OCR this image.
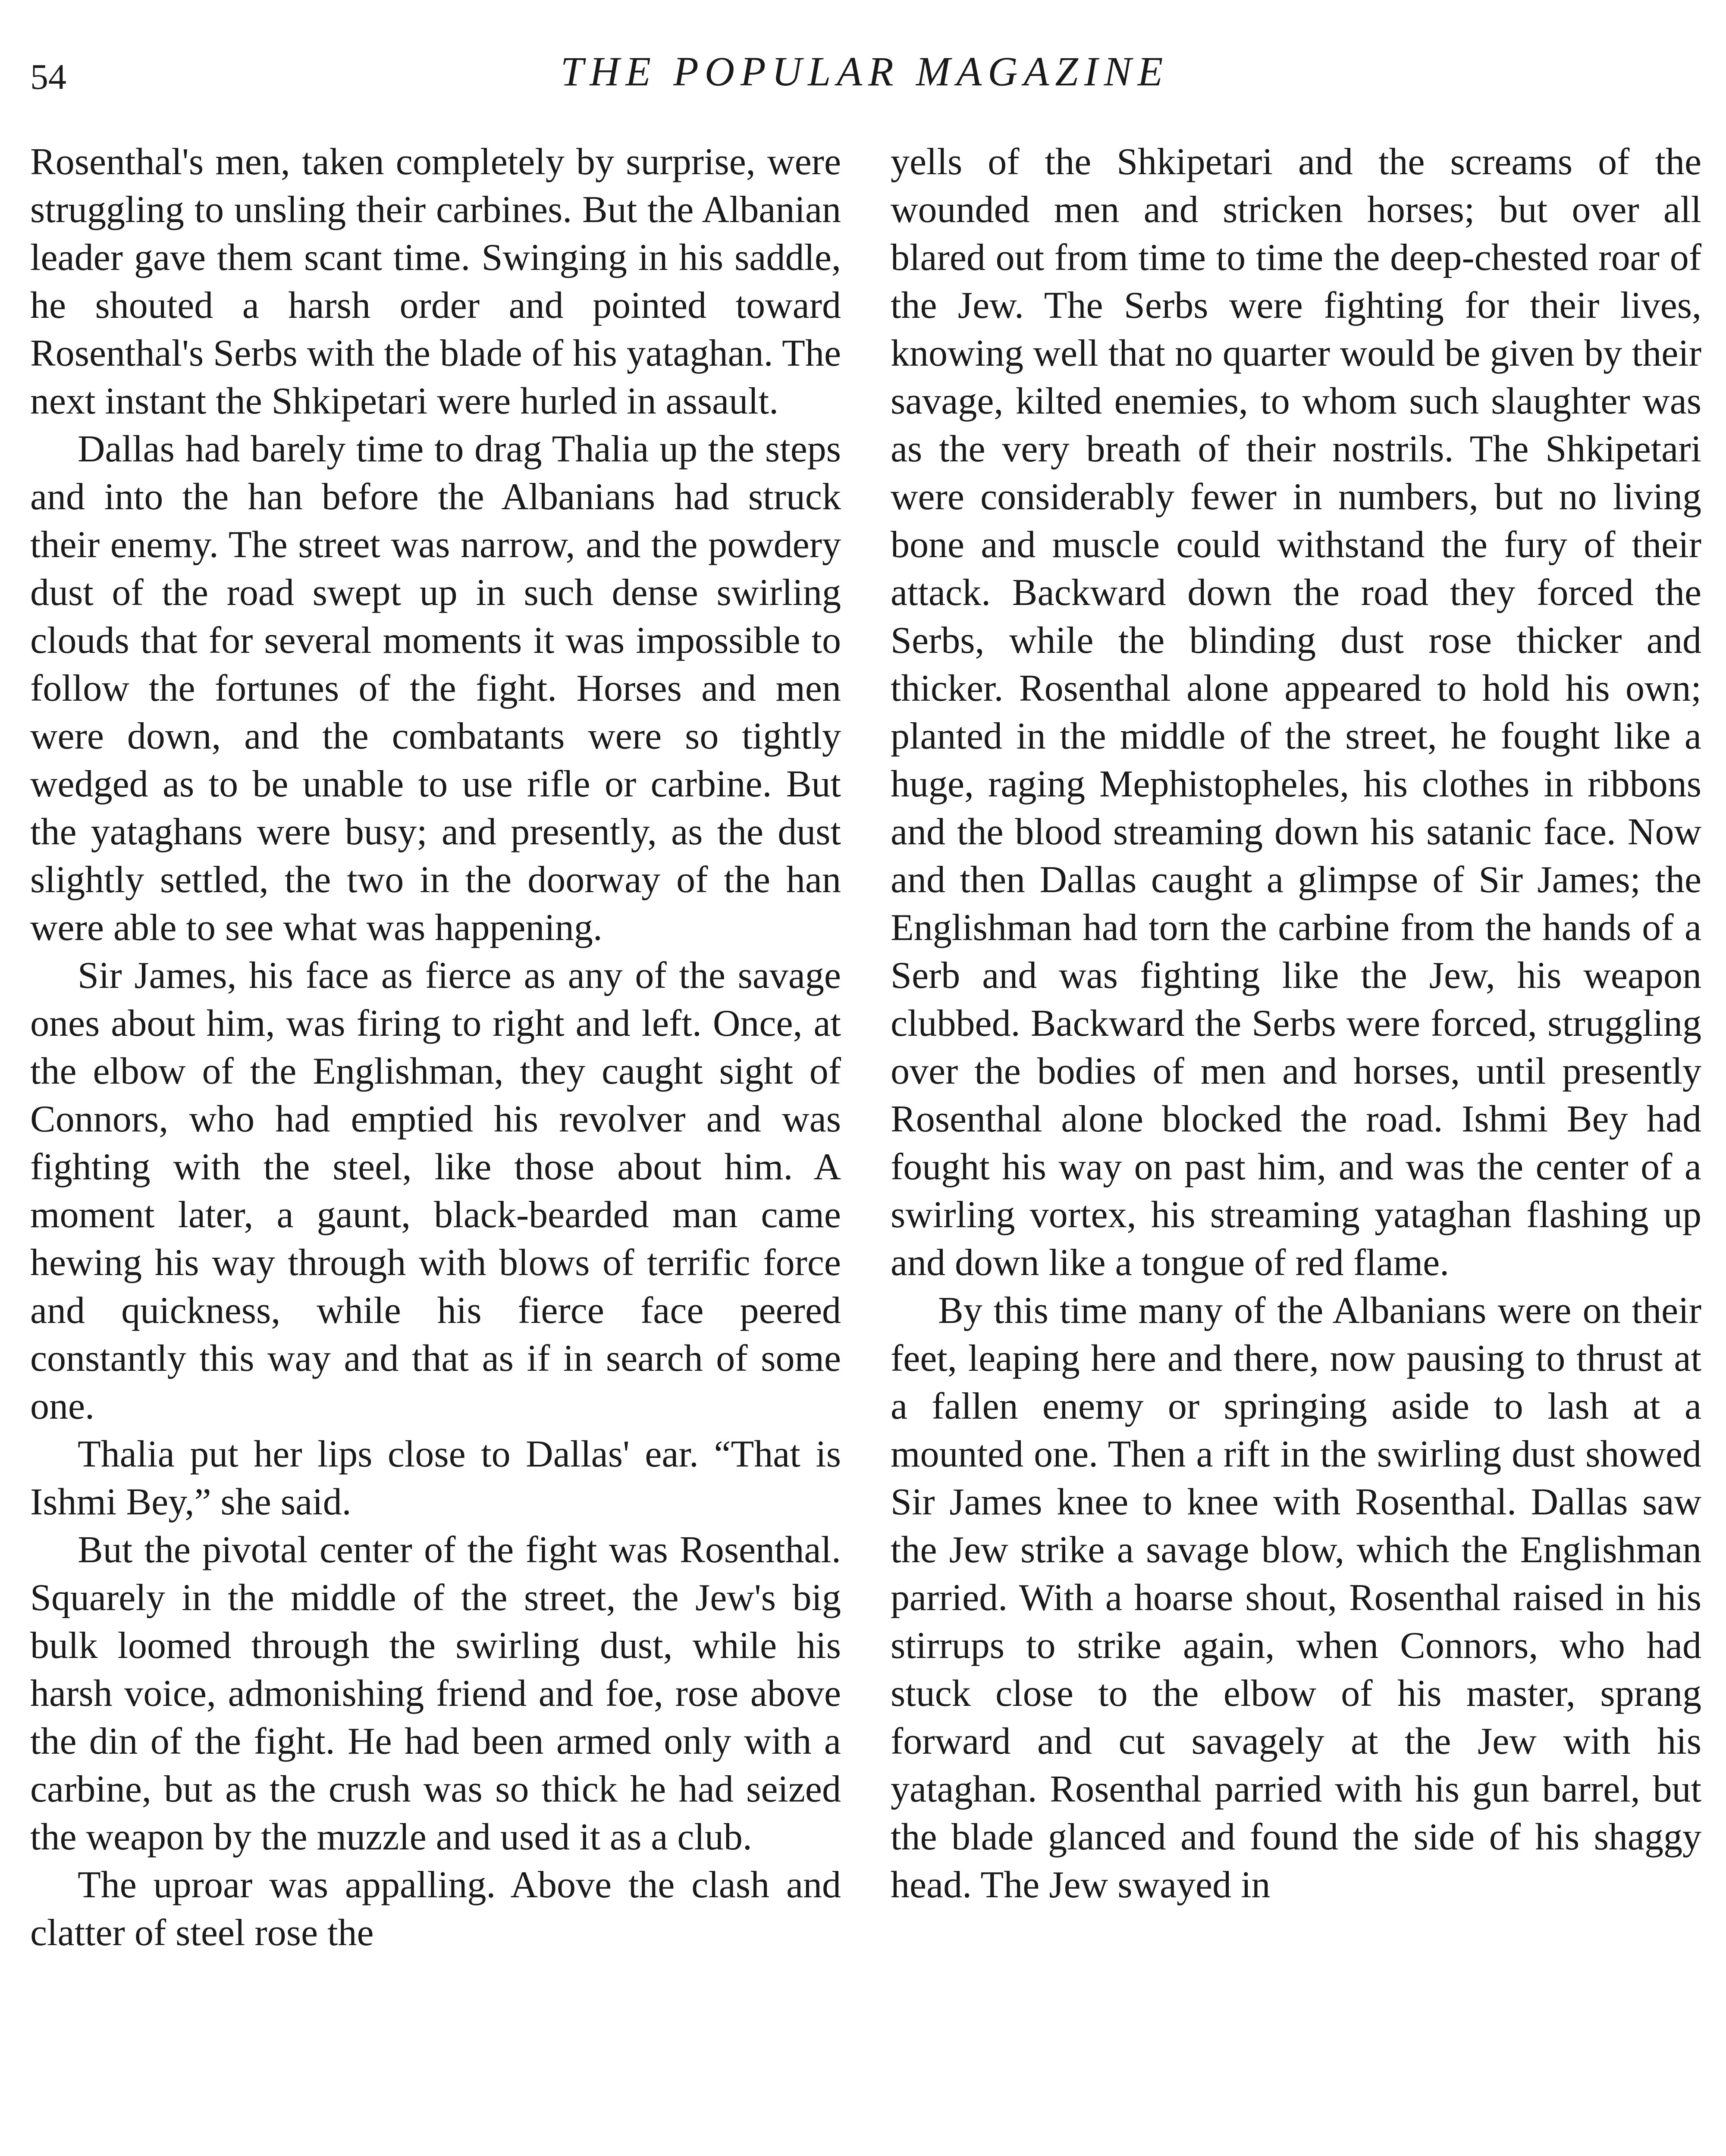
54	THE POPULAR MAGAZINE

Rosenthal's men, taken completely by surprise, were struggling to unsling their carbines. But the Albanian leader gave them scant time. Swinging in his saddle, he shouted a harsh order and pointed toward Rosenthal's Serbs with the blade of his yataghan. The next instant the Shkipetari were hurled in assault.

Dallas had barely time to drag Thalia up the steps and into the han before the Albanians had struck their enemy. The street was narrow, and the powdery dust of the road swept up in such dense swirling clouds that for several moments it was impossible to follow the fortunes of the fight. Horses and men were down, and the combatants were so tightly wedged as to be unable to use rifle or carbine. But the yataghans were busy; and presently, as the dust slightly settled, the two in the doorway of the han were able to see what was happening.

Sir James, his face as fierce as any of the savage ones about him, was firing to right and left. Once, at the elbow of the Englishman, they caught sight of Connors, who had emptied his revolver and was fighting with the steel, like those about him. A moment later, a gaunt, black-bearded man came hewing his way through with blows of terrific force and quickness, while his fierce face peered constantly this way and that as if in search of some one.

Thalia put her lips close to Dallas' ear. “That is Ishmi Bey,” she said.

But the pivotal center of the fight was Rosenthal. Squarely in the middle of the street, the Jew's big bulk loomed through the swirling dust, while his harsh voice, admonishing friend and foe, rose above the din of the fight. He had been armed only with a carbine, but as the crush was so thick he had seized the weapon by the muzzle and used it as a club.

The uproar was appalling. Above the clash and clatter of steel rose the

yells of the Shkipetari and the screams of the wounded men and stricken horses; but over all blared out from time to time the deep-chested roar of the Jew. The Serbs were fighting for their lives, knowing well that no quarter would be given by their savage, kilted enemies, to whom such slaughter was as the very breath of their nostrils. The Shkipetari were considerably fewer in numbers, but no living bone and muscle could withstand the fury of their attack. Backward down the road they forced the Serbs, while the blinding dust rose thicker and thicker. Rosenthal alone appeared to hold his own; planted in the middle of the street, he fought like a huge, raging Mephistopheles, his clothes in ribbons and the blood streaming down his satanic face. Now and then Dallas caught a glimpse of Sir James; the Englishman had torn the carbine from the hands of a Serb and was fighting like the Jew, his weapon clubbed. Backward the Serbs were forced, struggling over the bodies of men and horses, until presently Rosenthal alone blocked the road. Ishmi Bey had fought his way on past him, and was the center of a swirling vortex, his streaming yataghan flashing up and down like a tongue of red flame.

By this time many of the Albanians were on their feet, leaping here and there, now pausing to thrust at a fallen enemy or springing aside to lash at a mounted one. Then a rift in the swirling dust showed Sir James knee to knee with Rosenthal. Dallas saw the Jew strike a savage blow, which the Englishman parried. With a hoarse shout, Rosenthal raised in his stirrups to strike again, when Connors, who had stuck close to the elbow of his master, sprang forward and cut savagely at the Jew with his yataghan. Rosenthal parried with his gun barrel, but the blade glanced and found the side of his shaggy head. The Jew swayed in
